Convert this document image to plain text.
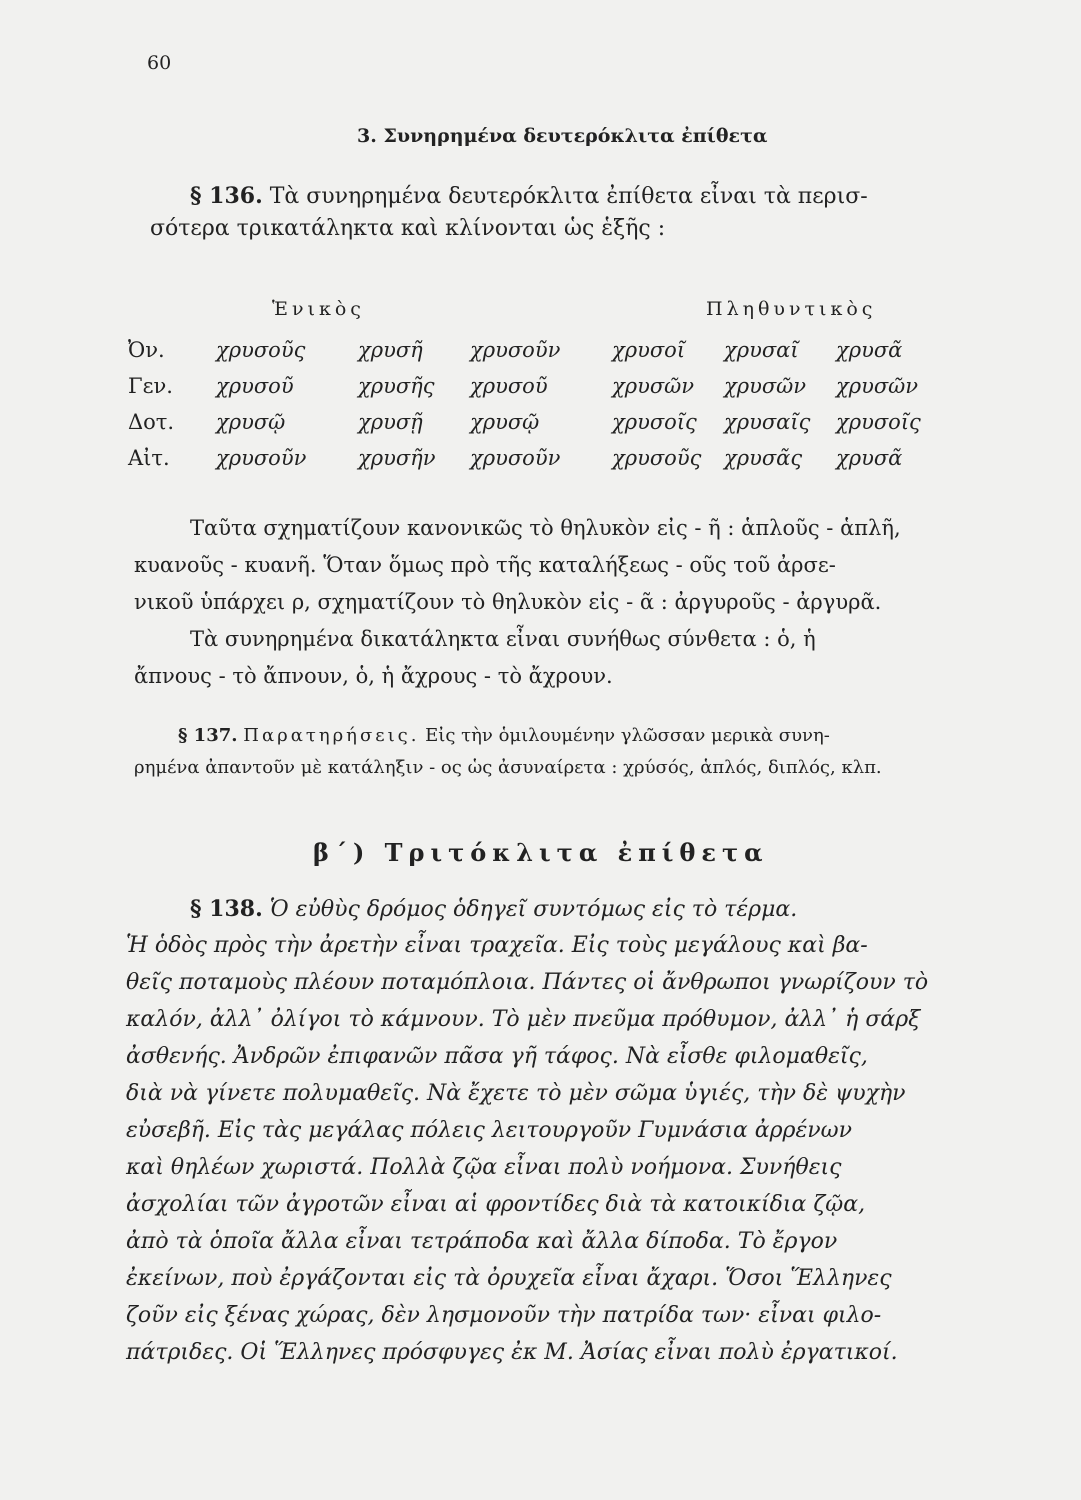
60
3. Συνηρημένα δευτερόκλιτα ἐπίθετα
§ 136. Τὰ συνηρημένα δευτερόκλιτα ἐπίθετα εἶναι τὰ περισ-
σότερα τρικατάληκτα καὶ κλίνονται ὡς ἑξῆς :
Ἑνικὸς	Πληθυντικὸς
Ὀν.	χρυσοῦς	χρυσῆ	χρυσοῦν	χρυσοῖ	χρυσαῖ	χρυσᾶ
Γεν.	χρυσοῦ	χρυσῆς	χρυσοῦ	χρυσῶν	χρυσῶν	χρυσῶν
Δοτ.	χρυσῷ	χρυσῇ	χρυσῷ	χρυσοῖς	χρυσαῖς	χρυσοῖς
Αἰτ.	χρυσοῦν	χρυσῆν	χρυσοῦν	χρυσοῦς	χρυσᾶς	χρυσᾶ
Ταῦτα σχηματίζουν κανονικῶς τὸ θηλυκὸν εἰς - ῆ : ἁπλοῦς - ἁπλῆ,
κυανοῦς - κυανῆ. Ὅταν ὅμως πρὸ τῆς καταλήξεως - οῦς τοῦ ἀρσε-
νικοῦ ὑπάρχει ρ, σχηματίζουν τὸ θηλυκὸν εἰς - ᾶ : ἀργυροῦς - ἀργυρᾶ.
Τὰ συνηρημένα δικατάληκτα εἶναι συνήθως σύνθετα : ὁ, ἡ
ἄπνους - τὸ ἄπνουν, ὁ, ἡ ἄχρους - τὸ ἄχρουν.
§ 137. Παρατηρήσεις. Εἰς τὴν ὁμιλουμένην γλῶσσαν μερικὰ συνη-
ρημένα ἀπαντοῦν μὲ κατάληξιν - ος ὡς ἀσυναίρετα : χρύσός, ἁπλός, διπλός, κλπ.
β΄) Τριτόκλιτα ἐπίθετα
§ 138. Ὁ εὐθὺς δρόμος ὁδηγεῖ συντόμως εἰς τὸ τέρμα.
Ἡ ὁδὸς πρὸς τὴν ἀρετὴν εἶναι τραχεῖα. Εἰς τοὺς μεγάλους καὶ βα-
θεῖς ποταμοὺς πλέουν ποταμόπλοια. Πάντες οἱ ἄνθρωποι γνωρίζουν τὸ
καλόν, ἀλλ᾽ ὀλίγοι τὸ κάμνουν. Τὸ μὲν πνεῦμα πρόθυμον, ἀλλ᾽ ἡ σάρξ
ἀσθενής. Ἀνδρῶν ἐπιφανῶν πᾶσα γῆ τάφος. Νὰ εἶσθε φιλομαθεῖς,
διὰ νὰ γίνετε πολυμαθεῖς. Νὰ ἔχετε τὸ μὲν σῶμα ὑγιές, τὴν δὲ ψυχὴν
εὐσεβῆ. Εἰς τὰς μεγάλας πόλεις λειτουργοῦν Γυμνάσια ἀρρένων
καὶ θηλέων χωριστά. Πολλὰ ζῷα εἶναι πολὺ νοήμονα. Συνήθεις
ἀσχολίαι τῶν ἀγροτῶν εἶναι αἱ φροντίδες διὰ τὰ κατοικίδια ζῷα,
ἀπὸ τὰ ὁποῖα ἄλλα εἶναι τετράποδα καὶ ἄλλα δίποδα. Τὸ ἔργον
ἐκείνων, ποὺ ἐργάζονται εἰς τὰ ὀρυχεῖα εἶναι ἄχαρι. Ὅσοι Ἕλληνες
ζοῦν εἰς ξένας χώρας, δὲν λησμονοῦν τὴν πατρίδα των· εἶναι φιλο-
πάτριδες. Οἱ Ἕλληνες πρόσφυγες ἐκ Μ. Ἀσίας εἶναι πολὺ ἐργατικοί.
